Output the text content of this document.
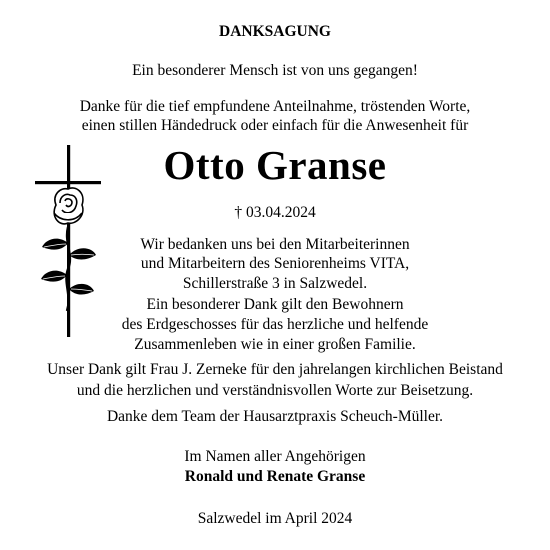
DANKSAGUNG
Ein besonderer Mensch ist von uns gegangen!
Danke für die tief empfundene Anteilnahme, tröstenden Worte,
einen stillen Händedruck oder einfach für die Anwesenheit für
Otto Granse
† 03.04.2024
Wir bedanken uns bei den Mitarbeiterinnen
und Mitarbeitern des Seniorenheims VITA,
Schillerstraße 3 in Salzwedel.
Ein besonderer Dank gilt den Bewohnern
des Erdgeschosses für das herzliche und helfende
Zusammenleben wie in einer großen Familie.
Unser Dank gilt Frau J. Zerneke für den jahrelangen kirchlichen Beistand
und die herzlichen und verständnisvollen Worte zur Beisetzung.
Danke dem Team der Hausarztpraxis Scheuch-Müller.
Im Namen aller Angehörigen
Ronald und Renate Granse
Salzwedel im April 2024
